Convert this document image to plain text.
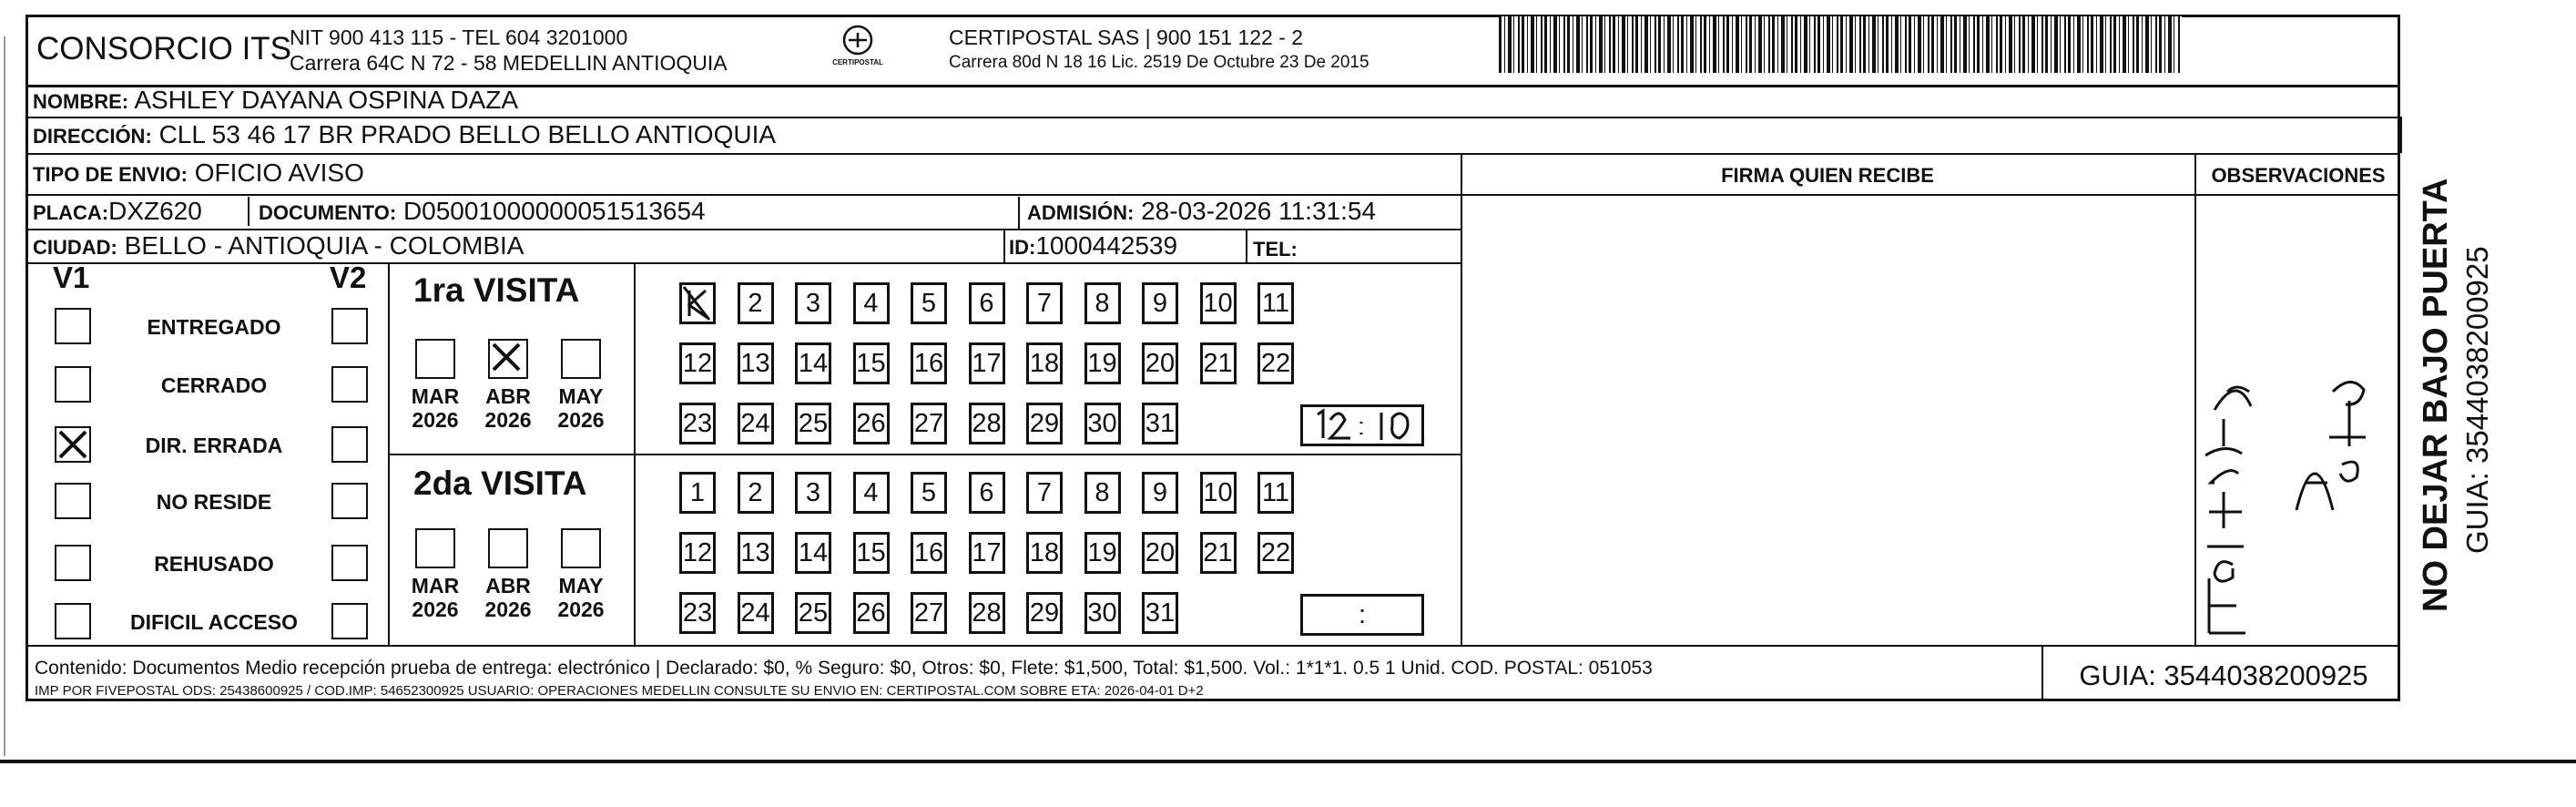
CONSORCIO ITS
NIT 900 413 115 - TEL 604 3201000
Carrera 64C N 72 - 58 MEDELLIN ANTIOQUIA	CERTIPOSTAL
CERTIPOSTAL SAS | 900 151 122 - 2
Carrera 80d N 18 16 Lic. 2519 De Octubre 23 De 2015
NOMBRE: ASHLEY DAYANA OSPINA DAZA
DIRECCIÓN: CLL 53 46 17 BR PRADO BELLO BELLO ANTIOQUIA
TIPO DE ENVIO: OFICIO AVISO	FIRMA QUIEN RECIBE	OBSERVACIONES
PLACA:DXZ620	DOCUMENTO: D05001000000051513654	ADMISIÓN: 28-03-2026 11:31:54
CIUDAD: BELLO - ANTIOQUIA - COLOMBIA	ID:1000442539	TEL:
V1	V2
ENTREGADO
CERRADO
DIR. ERRADA
NO RESIDE
REHUSADO
DIFICIL ACCESO
1ra VISITA
2da VISITA
MAR
2026
ABR
2026
MAY
2026
MAR
2026
ABR
2026
MAY
2026
2	3	4	5	6	7	8	9	10 11
12 13 14 15 16 17 18 19 20 21 22
23 24 25 26 27 28 29 30 31
1	2	3	4	5	6	7	8	9	10 11
12 13 14 15 16 17 18 19 20 21 22
23 24 25 26 27 28 29 30 31	:
Contenido: Documentos Medio recepción prueba de entrega: electrónico | Declarado: $0, % Seguro: $0, Otros: $0, Flete: $1,500, Total: $1,500. Vol.: 1*1*1. 0.5 1 Unid. COD. POSTAL: 051053
IMP POR FIVEPOSTAL ODS: 25438600925 / COD.IMP: 54652300925 USUARIO: OPERACIONES MEDELLIN CONSULTE SU ENVIO EN: CERTIPOSTAL.COM SOBRE ETA: 2026-04-01 D+2	GUIA: 3544038200925
NO DEJAR BAJO PUERTA GUIA: 3544038200925
